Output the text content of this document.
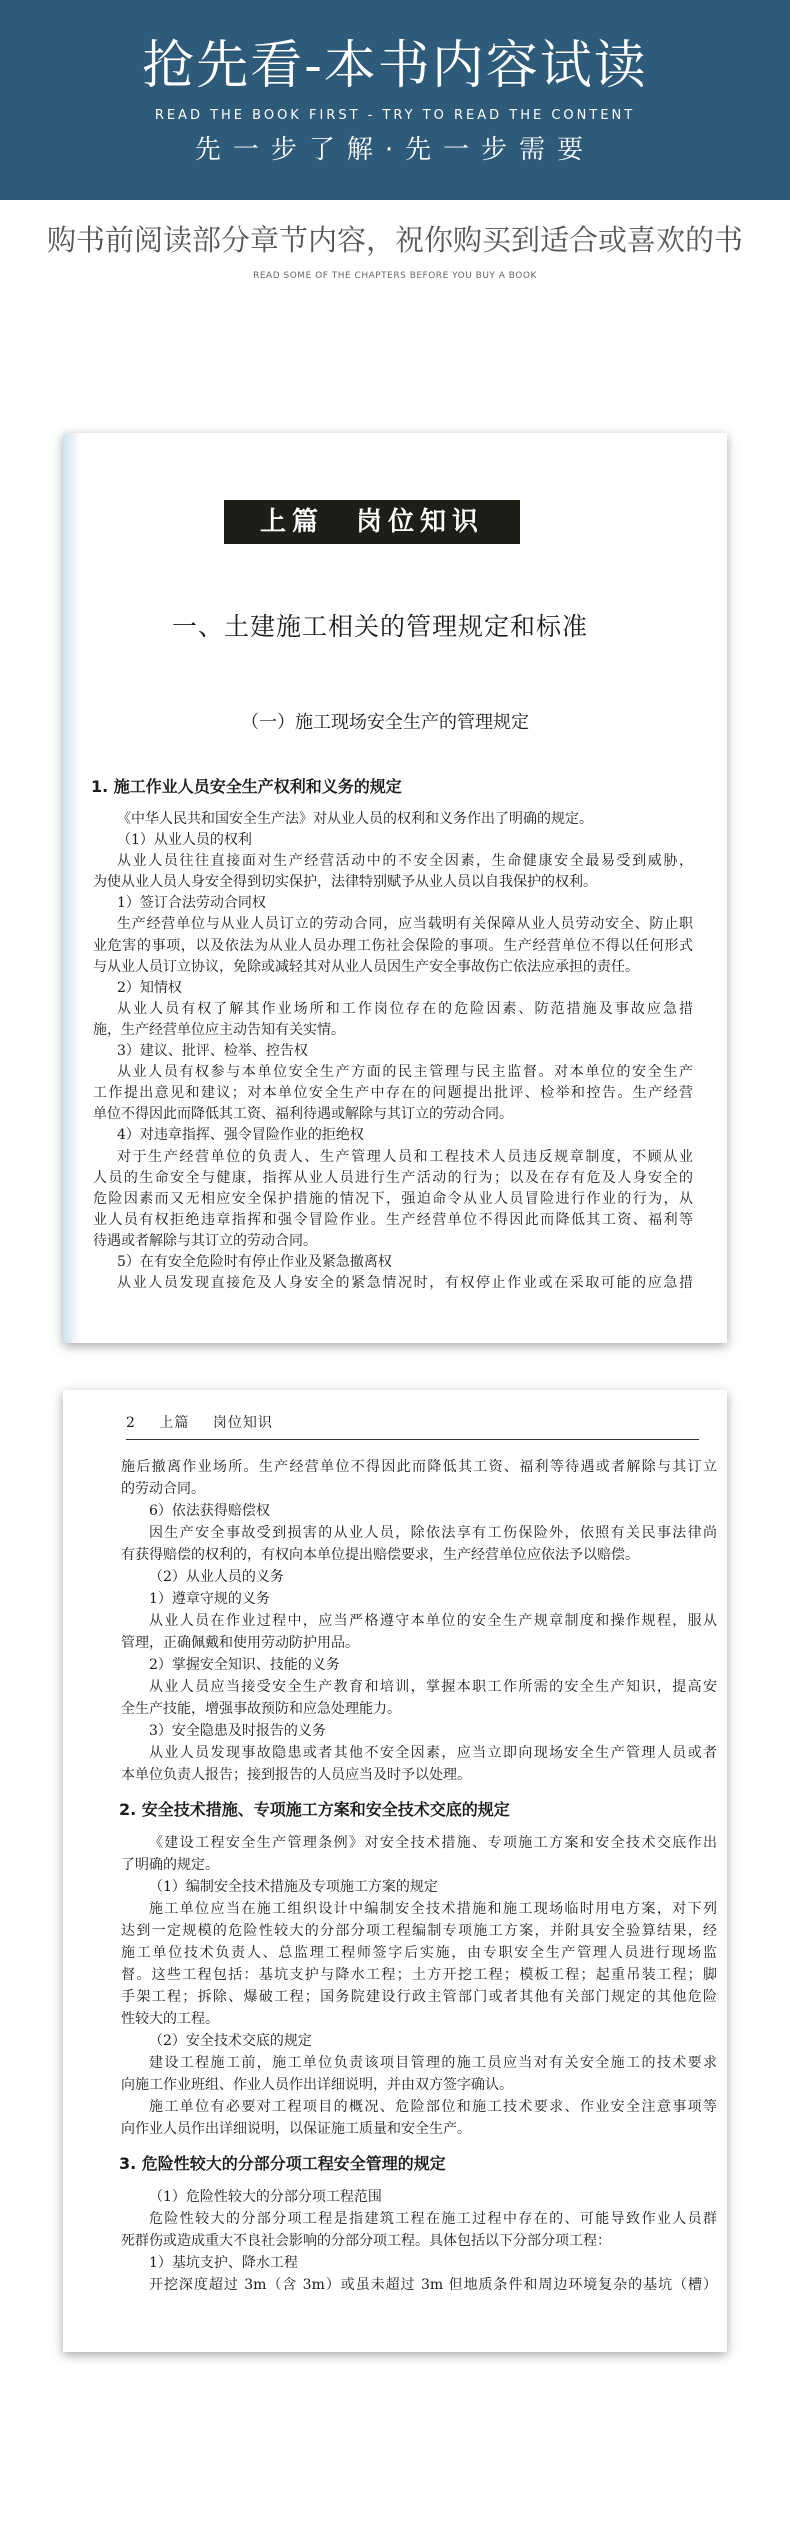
抢先看-本书内容试读
READ THE BOOK FIRST - TRY TO READ THE CONTENT
先一步了解·先一步需要
购书前阅读部分章节内容，祝你购买到适合或喜欢的书
READ SOME OF THE CHAPTERS BEFORE YOU BUY A BOOK
上篇　岗位知识
一、土建施工相关的管理规定和标准
（一）施工现场安全生产的管理规定
1. 施工作业人员安全生产权利和义务的规定
《中华人民共和国安全生产法》对从业人员的权利和义务作出了明确的规定。
（1）从业人员的权利
从业人员往往直接面对生产经营活动中的不安全因素，生命健康安全最易受到威胁，
为使从业人员人身安全得到切实保护，法律特别赋予从业人员以自我保护的权利。
1）签订合法劳动合同权
生产经营单位与从业人员订立的劳动合同，应当载明有关保障从业人员劳动安全、防止职
业危害的事项，以及依法为从业人员办理工伤社会保险的事项。生产经营单位不得以任何形式
与从业人员订立协议，免除或减轻其对从业人员因生产安全事故伤亡依法应承担的责任。
2）知情权
从业人员有权了解其作业场所和工作岗位存在的危险因素、防范措施及事故应急措
施，生产经营单位应主动告知有关实情。
3）建议、批评、检举、控告权
从业人员有权参与本单位安全生产方面的民主管理与民主监督。对本单位的安全生产
工作提出意见和建议；对本单位安全生产中存在的问题提出批评、检举和控告。生产经营
单位不得因此而降低其工资、福利待遇或解除与其订立的劳动合同。
4）对违章指挥、强令冒险作业的拒绝权
对于生产经营单位的负责人、生产管理人员和工程技术人员违反规章制度，不顾从业
人员的生命安全与健康，指挥从业人员进行生产活动的行为；以及在存有危及人身安全的
危险因素而又无相应安全保护措施的情况下，强迫命令从业人员冒险进行作业的行为，从
业人员有权拒绝违章指挥和强令冒险作业。生产经营单位不得因此而降低其工资、福利等
待遇或者解除与其订立的劳动合同。
5）在有安全危险时有停止作业及紧急撤离权
从业人员发现直接危及人身安全的紧急情况时，有权停止作业或在采取可能的应急措
2 上篇 岗位知识
施后撤离作业场所。生产经营单位不得因此而降低其工资、福利等待遇或者解除与其订立
的劳动合同。
6）依法获得赔偿权
因生产安全事故受到损害的从业人员，除依法享有工伤保险外，依照有关民事法律尚
有获得赔偿的权利的，有权向本单位提出赔偿要求，生产经营单位应依法予以赔偿。
（2）从业人员的义务
1）遵章守规的义务
从业人员在作业过程中，应当严格遵守本单位的安全生产规章制度和操作规程，服从
管理，正确佩戴和使用劳动防护用品。
2）掌握安全知识、技能的义务
从业人员应当接受安全生产教育和培训，掌握本职工作所需的安全生产知识，提高安
全生产技能，增强事故预防和应急处理能力。
3）安全隐患及时报告的义务
从业人员发现事故隐患或者其他不安全因素，应当立即向现场安全生产管理人员或者
本单位负责人报告；接到报告的人员应当及时予以处理。
2. 安全技术措施、专项施工方案和安全技术交底的规定
《建设工程安全生产管理条例》对安全技术措施、专项施工方案和安全技术交底作出
了明确的规定。
（1）编制安全技术措施及专项施工方案的规定
施工单位应当在施工组织设计中编制安全技术措施和施工现场临时用电方案，对下列
达到一定规模的危险性较大的分部分项工程编制专项施工方案，并附具安全验算结果，经
施工单位技术负责人、总监理工程师签字后实施，由专职安全生产管理人员进行现场监
督。这些工程包括：基坑支护与降水工程；土方开挖工程；模板工程；起重吊装工程；脚
手架工程；拆除、爆破工程；国务院建设行政主管部门或者其他有关部门规定的其他危险
性较大的工程。
（2）安全技术交底的规定
建设工程施工前，施工单位负责该项目管理的施工员应当对有关安全施工的技术要求
向施工作业班组、作业人员作出详细说明，并由双方签字确认。
施工单位有必要对工程项目的概况、危险部位和施工技术要求、作业安全注意事项等
向作业人员作出详细说明，以保证施工质量和安全生产。
3. 危险性较大的分部分项工程安全管理的规定
（1）危险性较大的分部分项工程范围
危险性较大的分部分项工程是指建筑工程在施工过程中存在的、可能导致作业人员群
死群伤或造成重大不良社会影响的分部分项工程。具体包括以下分部分项工程：
1）基坑支护、降水工程
开挖深度超过 3m（含 3m）或虽未超过 3m 但地质条件和周边环境复杂的基坑（槽）
